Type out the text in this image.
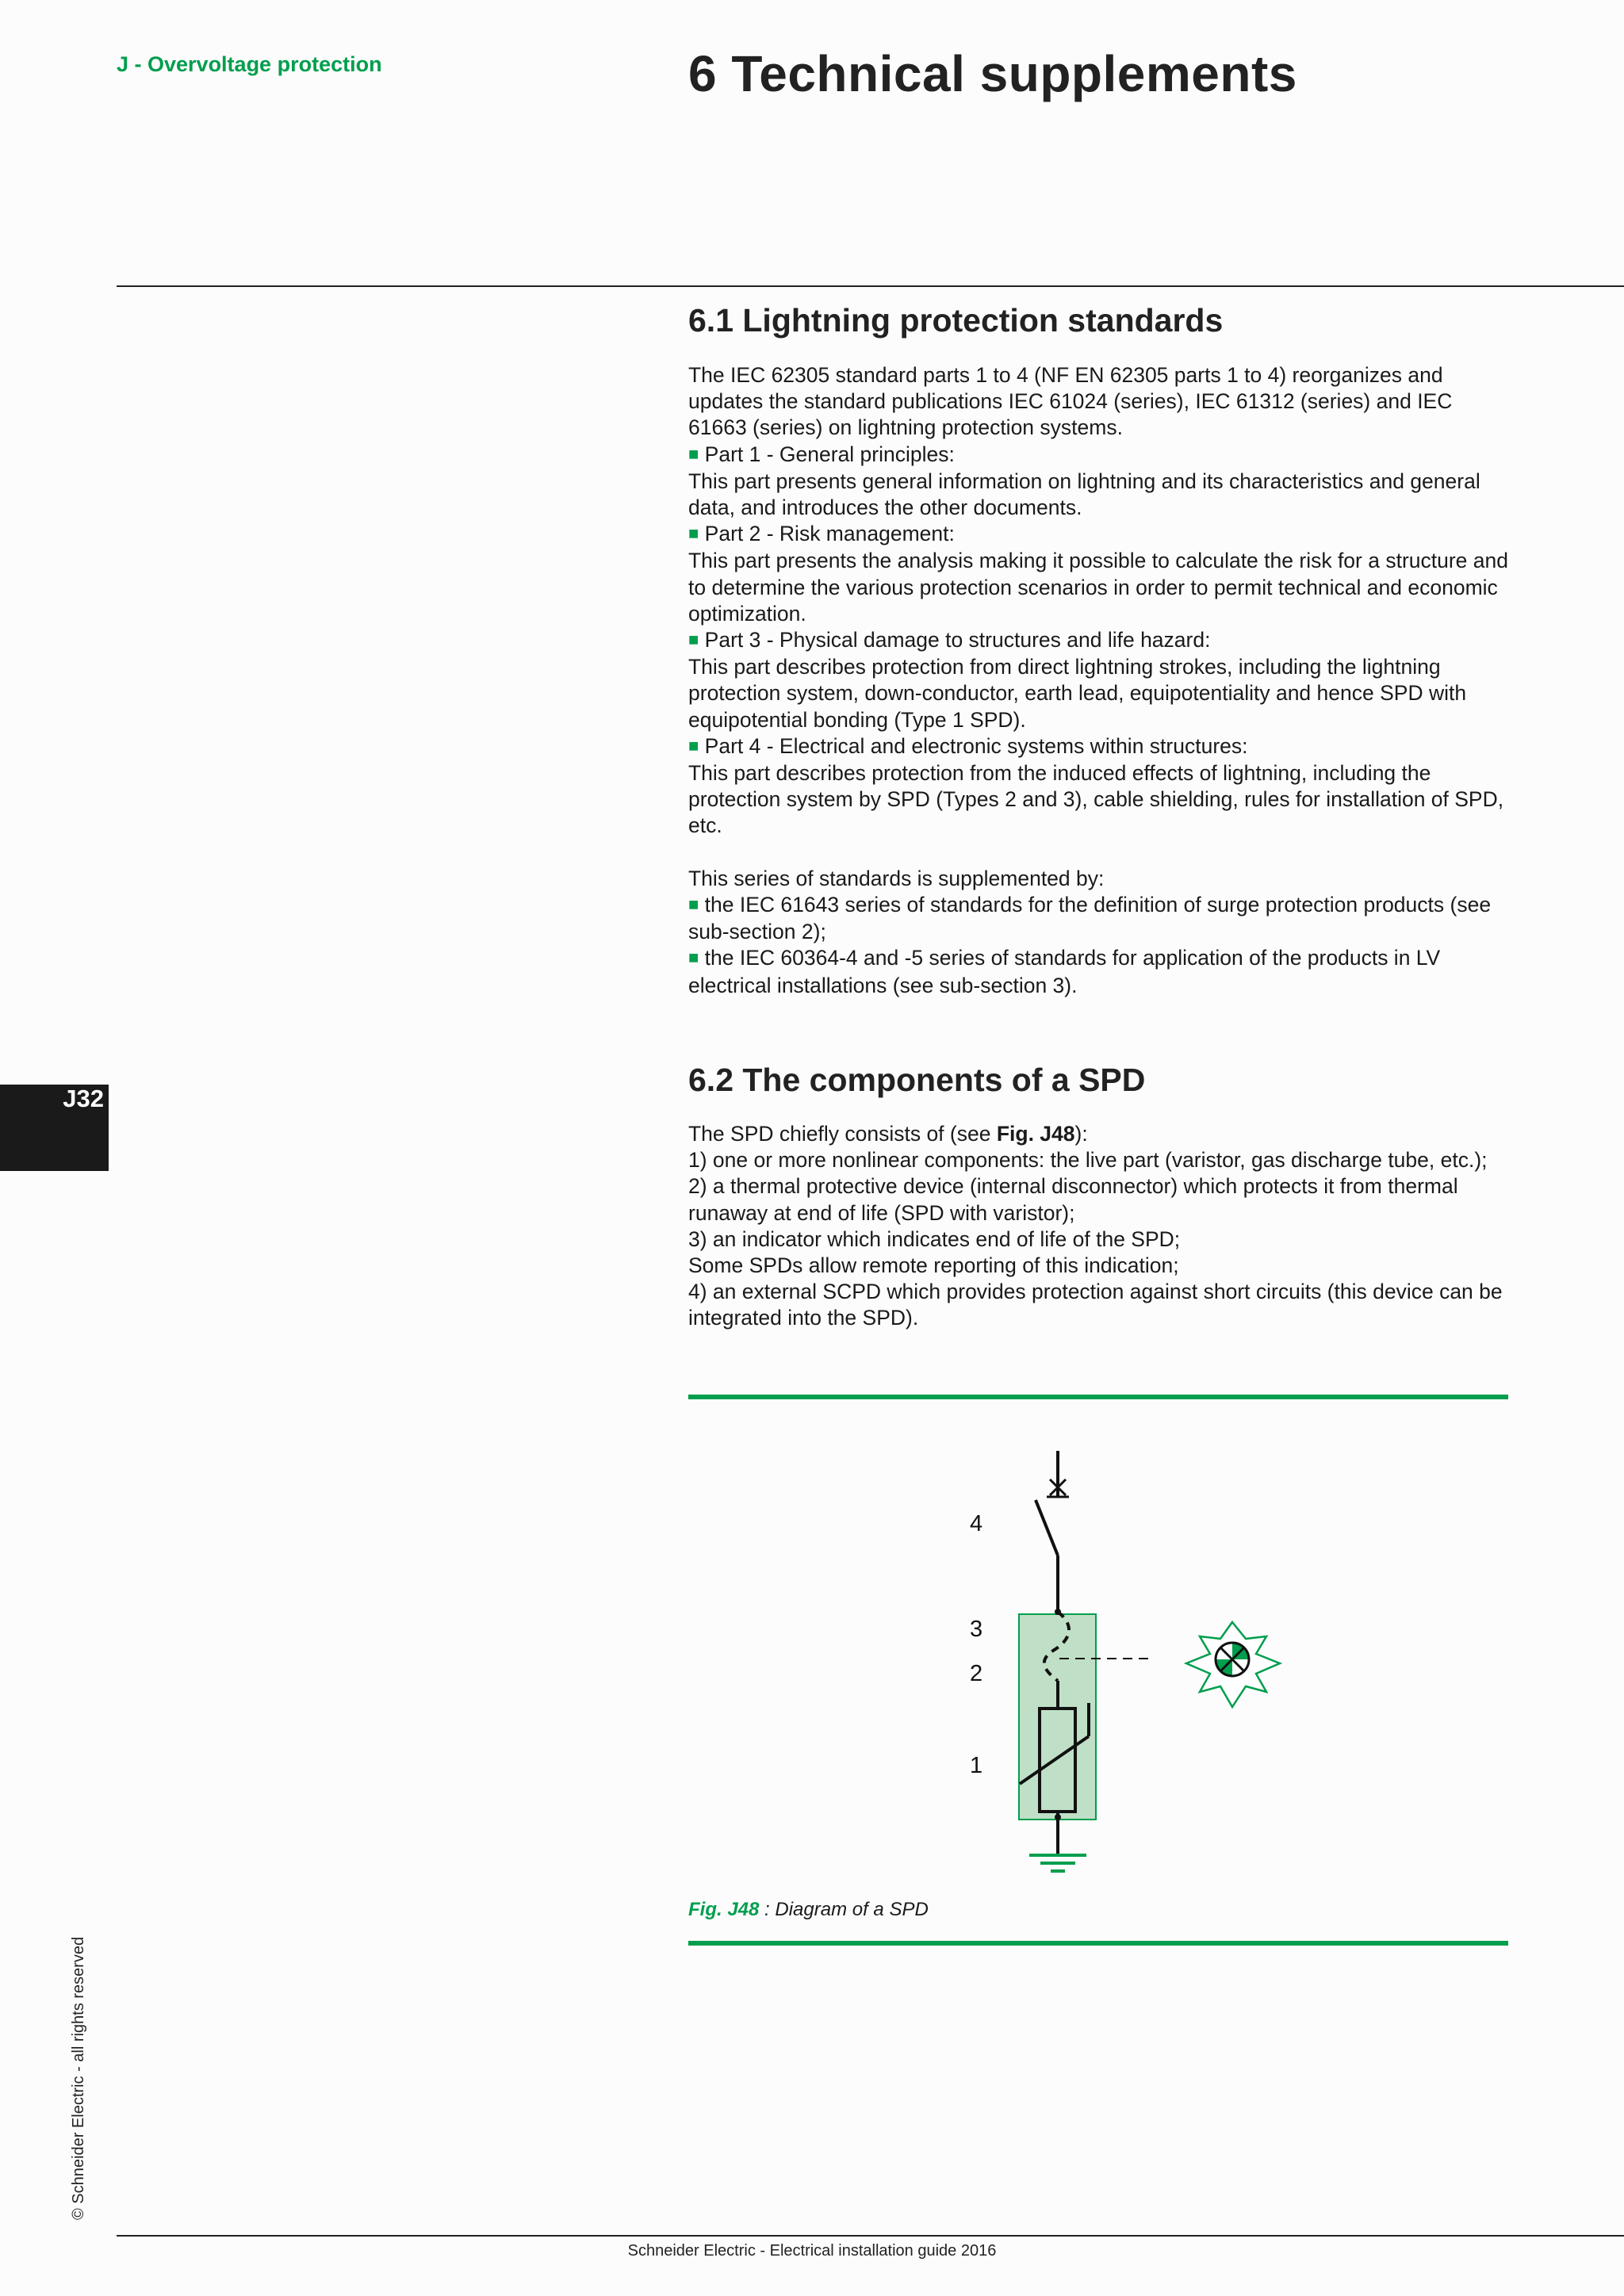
J - Overvoltage protection	6 Technical supplements
6.1 Lightning protection standards

The IEC 62305 standard parts 1 to 4 (NF EN 62305 parts 1 to 4) reorganizes and updates the standard publications IEC 61024 (series), IEC 61312 (series) and IEC 61663 (series) on lightning protection systems.

■ Part 1 - General principles:

This part presents general information on lightning and its characteristics and general data, and introduces the other documents.

■ Part 2 - Risk management:

This part presents the analysis making it possible to calculate the risk for a structure and to determine the various protection scenarios in order to permit technical and economic optimization.

■ Part 3 - Physical damage to structures and life hazard:

This part describes protection from direct lightning strokes, including the lightning protection system, down-conductor, earth lead, equipotentiality and hence SPD with equipotential bonding (Type 1 SPD).

■ Part 4 - Electrical and electronic systems within structures:

This part describes protection from the induced effects of lightning, including the protection system by SPD (Types 2 and 3), cable shielding, rules for installation of SPD, etc.

This series of standards is supplemented by:

■ the IEC 61643 series of standards for the definition of surge protection products (see sub-section 2);

■ the IEC 60364-4 and -5 series of standards for application of the products in LV electrical installations (see sub-section 3).

J32
6.2 The components of a SPD

The SPD chiefly consists of (see Fig. J48):

1) one or more nonlinear components: the live part (varistor, gas discharge tube, etc.);

2) a thermal protective device (internal disconnector) which protects it from thermal runaway at end of life (SPD with varistor);

3) an indicator which indicates end of life of the SPD;

Some SPDs allow remote reporting of this indication;

4) an external SCPD which provides protection against short circuits (this device can be integrated into the SPD).

4
3
2
1
Fig. J48 : Diagram of a SPD
© Schneider Electric - all rights reserved
Schneider Electric - Electrical installation guide 2016
